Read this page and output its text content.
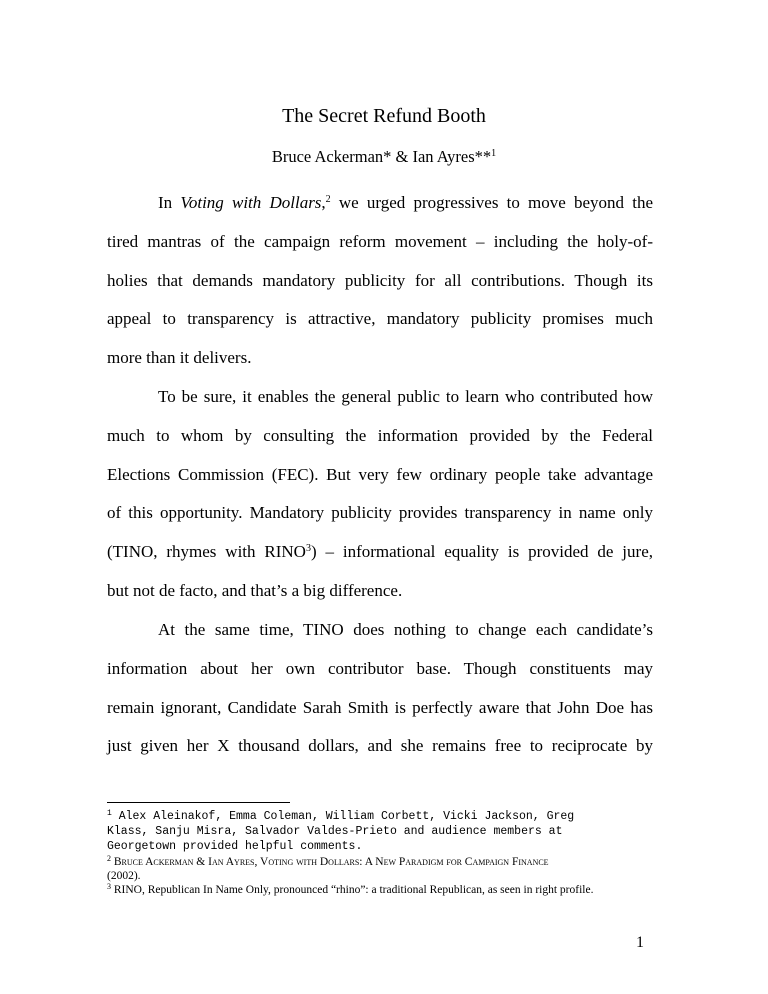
The Secret Refund Booth
Bruce Ackerman* & Ian Ayres**$^1$
In Voting with Dollars,$^2$ we urged progressives to move beyond the
tired mantras of the campaign reform movement – including the holy-of-
holies that demands mandatory publicity for all contributions. Though its
appeal to transparency is attractive, mandatory publicity promises much
more than it delivers.
To be sure, it enables the general public to learn who contributed how
much to whom by consulting the information provided by the Federal
Elections Commission (FEC). But very few ordinary people take advantage
of this opportunity. Mandatory publicity provides transparency in name only
(TINO, rhymes with RINO$^3$) – informational equality is provided de jure,
but not de facto, and that’s a big difference.
At the same time, TINO does nothing to change each candidate’s
information about her own contributor base. Though constituents may
remain ignorant, Candidate Sarah Smith is perfectly aware that John Doe has
just given her X thousand dollars, and she remains free to reciprocate by
$^1$ Alex Aleinakof, Emma Coleman, William Corbett, Vicki Jackson, Greg
Klass, Sanju Misra, Salvador Valdes-Prieto and audience members at
Georgetown provided helpful comments.
$^2$ Bruce Ackerman & Ian Ayres, Voting with Dollars: A New Paradigm for Campaign Finance
(2002).
$^3$ RINO, Republican In Name Only, pronounced “rhino”: a traditional Republican, as seen in right profile.
1
